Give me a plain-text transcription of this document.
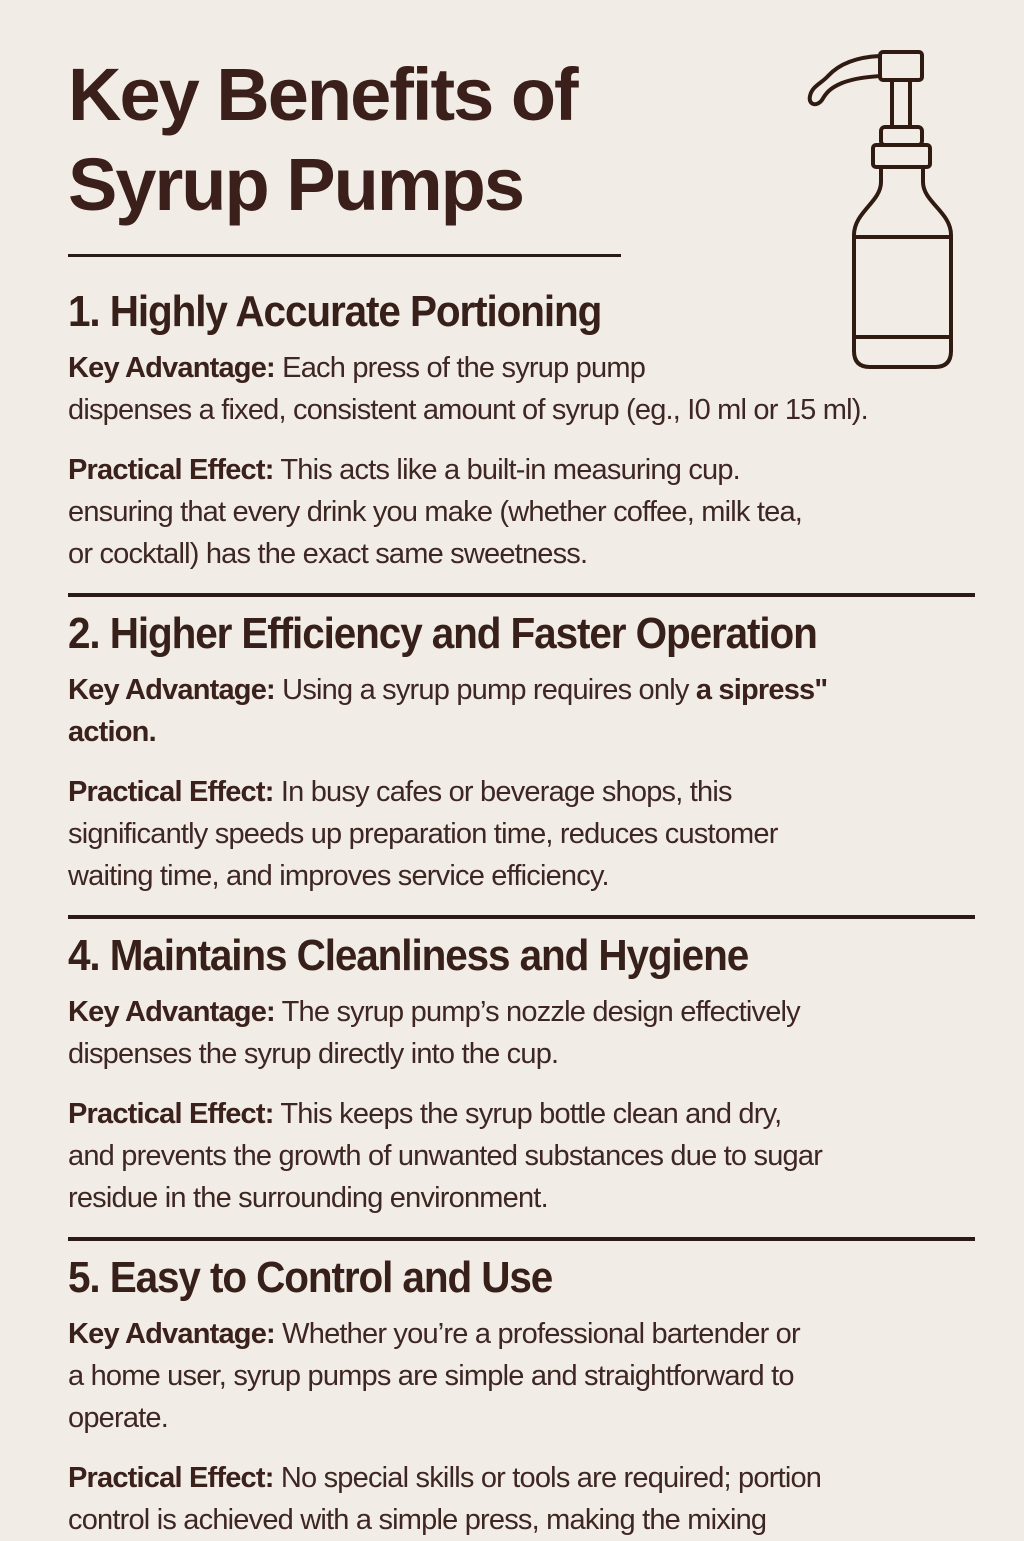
Key Benefits of
Syrup Pumps
1. Highly Accurate Portioning

Key Advantage: Each press of the syrup pump
dispenses a fixed, consistent amount of syrup (eg., I0 ml or 15 ml).

Practical Effect: This acts like a built-in measuring cup.
ensuring that every drink you make (whether coffee, milk tea,
or cocktall) has the exact same sweetness.

2. Higher Efficiency and Faster Operation

Key Advantage: Using a syrup pump requires only a sipress"
action.

Practical Effect: In busy cafes or beverage shops, this
significantly speeds up preparation time, reduces customer
waiting time, and improves service efficiency.

4. Maintains Cleanliness and Hygiene

Key Advantage: The syrup pump’s nozzle design effectively
dispenses the syrup directly into the cup.

Practical Effect: This keeps the syrup bottle clean and dry,
and prevents the growth of unwanted substances due to sugar
residue in the surrounding environment.

5. Easy to Control and Use

Key Advantage: Whether you’re a professional bartender or
a home user, syrup pumps are simple and straightforward to
operate.

Practical Effect: No special skills or tools are required; portion
control is achieved with a simple press, making the mixing
